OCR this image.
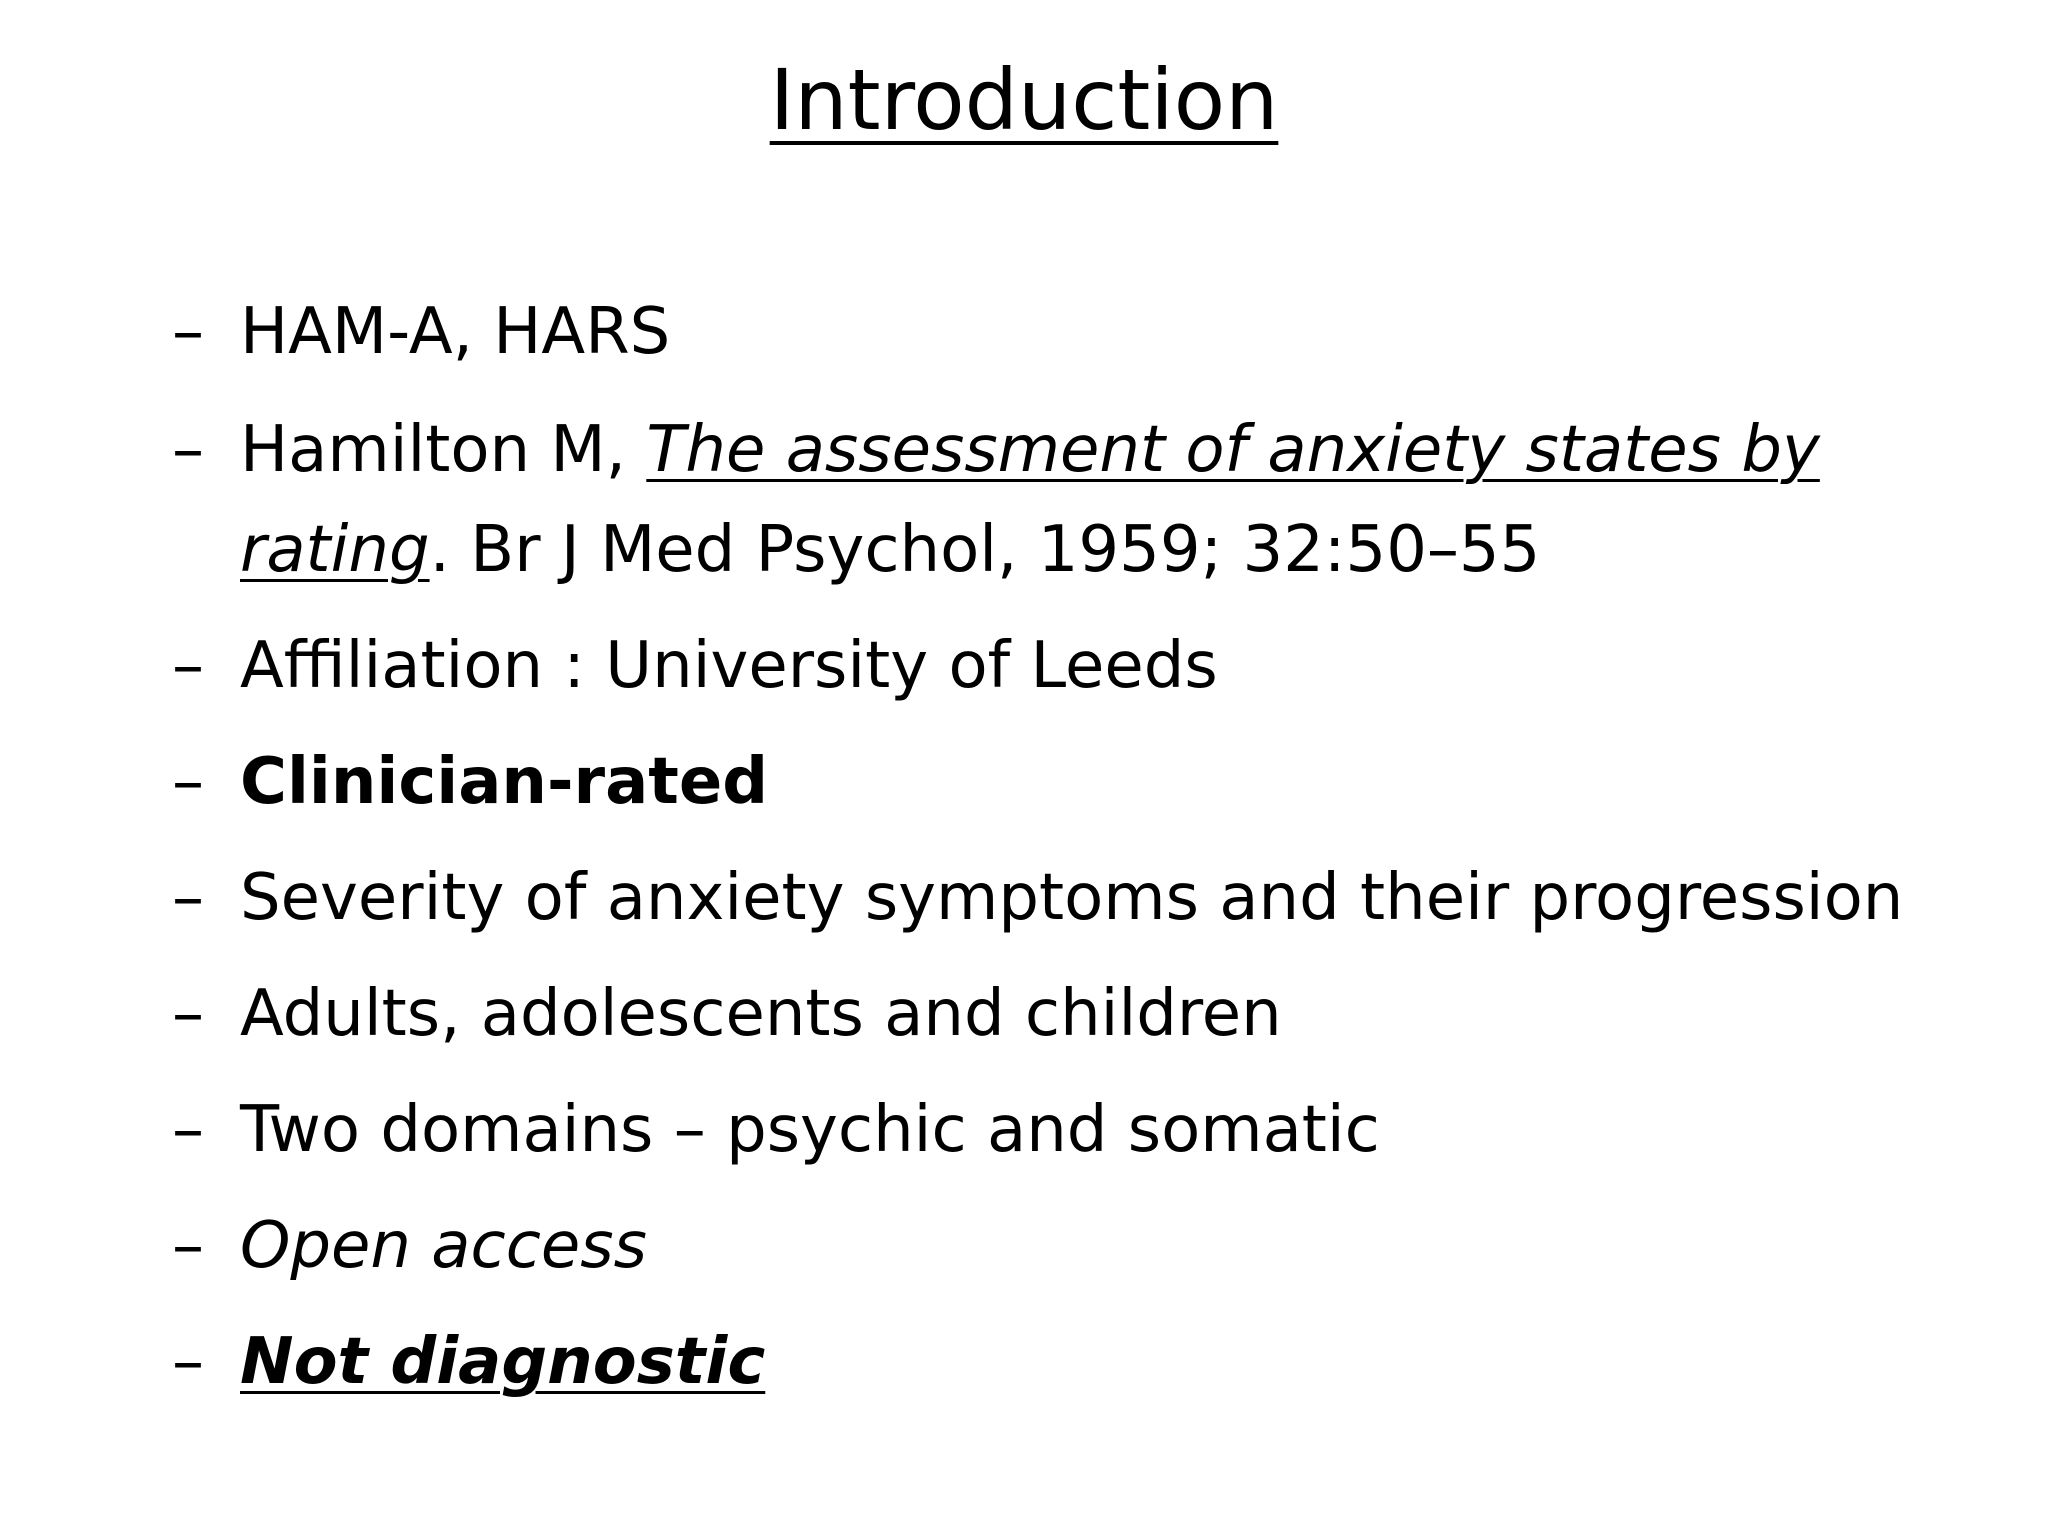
Introduction
– HAM-A, HARS
– Hamilton M, The assessment of anxiety states by rating. Br J Med Psychol, 1959; 32:50–55
– Affiliation : University of Leeds
– Clinician-rated
– Severity of anxiety symptoms and their progression
– Adults, adolescents and children
– Two domains – psychic and somatic
– Open access
– Not diagnostic
